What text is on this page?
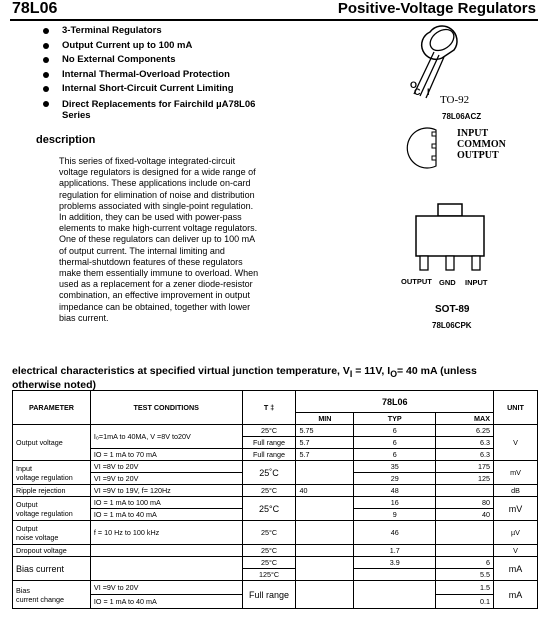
78L06	Positive-Voltage Regulators
3-Terminal Regulators
Output Current up to 100 mA
No External Components
Internal Thermal-Overload Protection
Internal Short-Circuit Current Limiting
Direct Replacements for Fairchild µA78L06
Series
description
This series of fixed-voltage integrated-circuit
voltage regulators is designed for a wide range of
applications. These applications include on-card
regulation for elimination of noise and distribution
problems associated with single-point regulation.
In addition, they can be used with power-pass
elements to make high-current voltage regulators.
One of these regulators can deliver up to 100 mA
of output current. The internal limiting and
thermal-shutdown features of these regulators
make them essentially immune to overload. When
used as a replacement for a zener diode-resistor
combination, an effective improvement in output
impedance can be obtained, together with lower
bias current.
O
C I
TO-92
78L06ACZ
INPUT
COMMON
OUTPUT
OUTPUT GND INPUT
SOT-89
78L06CPK
electrical characteristics at specified virtual junction temperature, $V_I = 11V$, $I_O= 40$ mA (unless
otherwise noted)
PARAMETER	TEST CONDITIONS	T ‡	78L06			UNIT
			MIN	TYP	MAX	
Output voltage	I₀=1mA to 40MA, V =8V to20V	25°C	5.75	6	6.25	V
		Full range	5.7	6	6.3	
	IO = 1 mA to 70 mA	Full range	5.7	6	6.3	
Input
voltage regulation	VI =8V to 20V	25˚C		35	175	mV
	VI =9V to 20V			29	125	
Ripple rejection	VI =9V to 19V, f= 120Hz	25°C	40	48		dB
Output
voltage regulation	IO = 1 mA to 100 mA	25°C		16	80	mV
	IO = 1 mA to 40 mA			9	40	
Output
noise voltage	f = 10 Hz to 100 kHz	25°C		46		µV
Dropout voltage		25°C		1.7		V
Bias current		25°C		3.9	6	mA
		125°C			5.5	
Bias
current change	VI =9V to 20V	Full range			1.5	mA
	IO = 1 mA to 40 mA				0.1	
